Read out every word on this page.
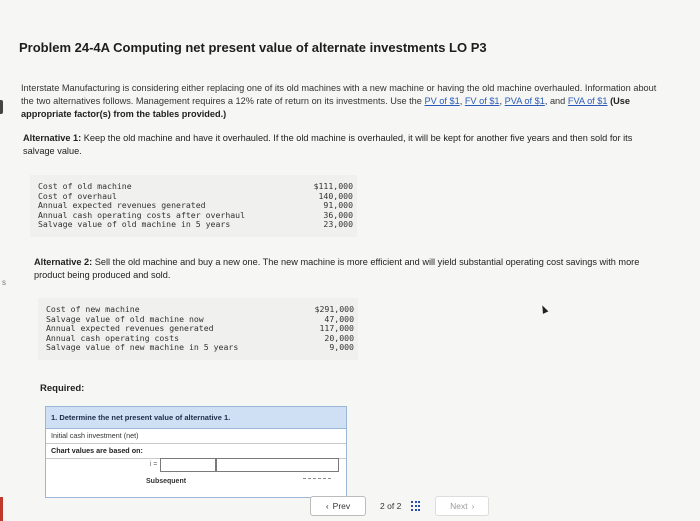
s
Problem 24-4A Computing net present value of alternate investments LO P3
Interstate Manufacturing is considering either replacing one of its old machines with a new machine or having the old machine overhauled. Information about the two alternatives follows. Management requires a 12% rate of return on its investments. Use the PV of $1, FV of $1, PVA of $1, and FVA of $1 (Use appropriate factor(s) from the tables provided.)
Alternative 1: Keep the old machine and have it overhauled. If the old machine is overhauled, it will be kept for another five years and then sold for its salvage value.
Cost of old machine	$111,000
Cost of overhaul	140,000
Annual expected revenues generated	91,000
Annual cash operating costs after overhaul	36,000
Salvage value of old machine in 5 years	23,000
Alternative 2: Sell the old machine and buy a new one. The new machine is more efficient and will yield substantial operating cost savings with more product being produced and sold.
Cost of new machine	$291,000
Salvage value of old machine now	47,000
Annual expected revenues generated	117,000
Annual cash operating costs	20,000
Salvage value of new machine in 5 years	9,000
Required:
1. Determine the net present value of alternative 1.
Initial cash investment (net)
Chart values are based on:
i =
Subsequent
‹ Prev	2 of 2	Next ›
